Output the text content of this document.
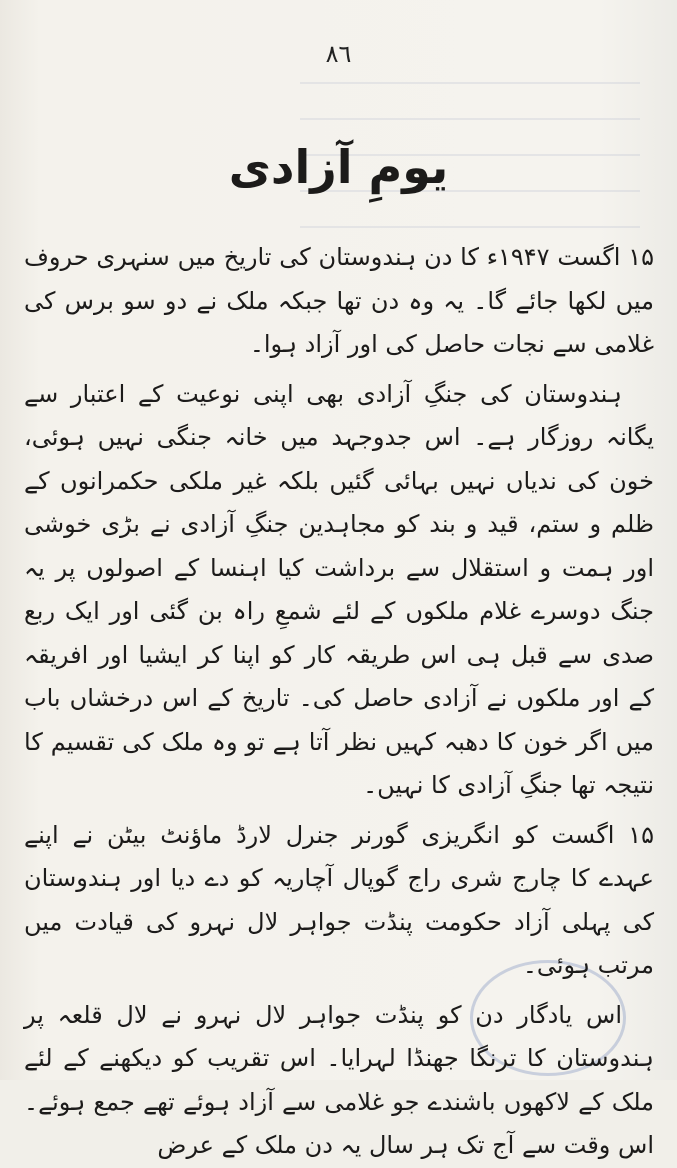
۸٦
یومِ آزادی

۱۵ اگست ۱۹۴۷ء کا دن ہندوستان کی تاریخ میں سنہری حروف میں لکھا جائے گا۔ یہ وہ دن تھا جبکہ ملک نے دو سو برس کی غلامی سے نجات حاصل کی اور آزاد ہوا۔

ہندوستان کی جنگِ آزادی بھی اپنی نوعیت کے اعتبار سے یگانہ روزگار ہے۔ اس جدوجہد میں خانہ جنگی نہیں ہوئی، خون کی ندیاں نہیں بہائی گئیں بلکہ غیر ملکی حکمرانوں کے ظلم و ستم، قید و بند کو مجاہدین جنگِ آزادی نے بڑی خوشی اور ہمت و استقلال سے برداشت کیا اہنسا کے اصولوں پر یہ جنگ دوسرے غلام ملکوں کے لئے شمعِ راہ بن گئی اور ایک ربع صدی سے قبل ہی اس طریقہ کار کو اپنا کر ایشیا اور افریقہ کے اور ملکوں نے آزادی حاصل کی۔ تاریخ کے اس درخشاں باب میں اگر خون کا دھبہ کہیں نظر آتا ہے تو وہ ملک کی تقسیم کا نتیجہ تھا جنگِ آزادی کا نہیں۔

۱۵ اگست کو انگریزی گورنر جنرل لارڈ ماؤنٹ بیٹن نے اپنے عہدے کا چارج شری راج گوپال آچاریہ کو دے دیا اور ہندوستان کی پہلی آزاد حکومت پنڈت جواہر لال نہرو کی قیادت میں مرتب ہوئی۔

اس یادگار دن کو پنڈت جواہر لال نہرو نے لال قلعہ پر ہندوستان کا ترنگا جھنڈا لہرایا۔ اس تقریب کو دیکھنے کے لئے ملک کے لاکھوں باشندے جو غلامی سے آزاد ہوئے تھے جمع ہوئے۔ اس وقت سے آج تک ہر سال یہ دن ملک کے عرض
